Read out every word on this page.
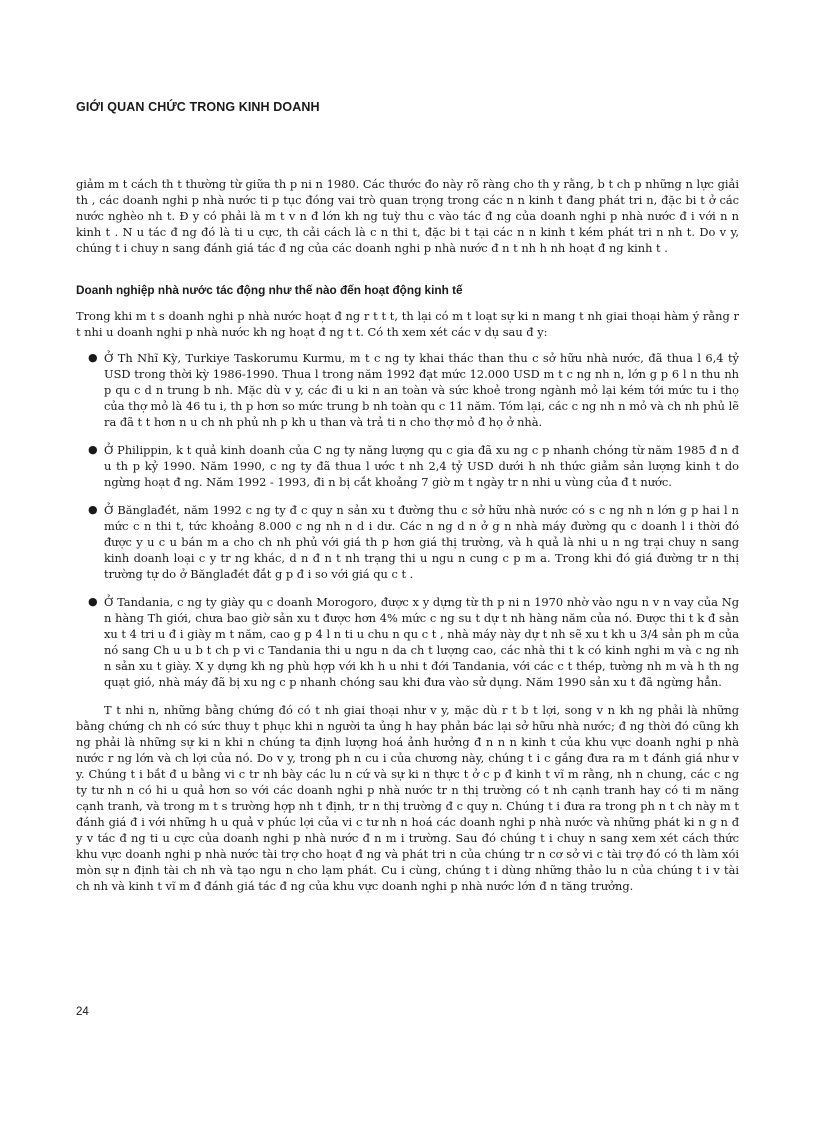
GIỚI QUAN CHỨC TRONG KINH DOANH

giảm m t cách th t thường từ giữa th p ni n 1980. Các thước đo này rõ ràng cho th y rằng, b t ch p những n lực giải th , các doanh nghi p nhà nước ti p tục đóng vai trò quan trọng trong các n n kinh t đang phát tri n, đặc bi t ở các nước nghèo nh t. Đ y có phải là m t v n đ lớn kh ng tuỳ thu c vào tác đ ng của doanh nghi p nhà nước đ i với n n kinh t . N u tác đ ng đó là ti u cực, th cải cách là c n thi t, đặc bi t tại các n n kinh t kém phát tri n nh t. Do v y, chúng t i chuy n sang đánh giá tác đ ng của các doanh nghi p nhà nước đ n t nh h nh hoạt đ ng kinh t .

Doanh nghiệp nhà nước tác động như thế nào đến hoạt động kinh tế

Trong khi m t s doanh nghi p nhà nước hoạt đ ng r t t t, th lại có m t loạt sự ki n mang t nh giai thoại hàm ý rằng r t nhi u doanh nghi p nhà nước kh ng hoạt đ ng t t. Có th xem xét các v dụ sau đ y:

● Ở Th Nhĩ Kỳ, Turkiye Taskorumu Kurmu, m t c ng ty khai thác than thu c sở hữu nhà nước, đã thua l 6,4 tỷ USD trong thời kỳ 1986-1990. Thua l trong năm 1992 đạt mức 12.000 USD m t c ng nh n, lớn g p 6 l n thu nh p qu c d n trung b nh. Mặc dù v y, các đi u ki n an toàn và sức khoẻ trong ngành mỏ lại kém tới mức tu i thọ của thợ mỏ là 46 tu i, th p hơn so mức trung b nh toàn qu c 11 năm. Tóm lại, các c ng nh n mỏ và ch nh phủ lẽ ra đã t t hơn n u ch nh phủ nh p kh u than và trả ti n cho thợ mỏ đ họ ở nhà.
● Ở Philippin, k t quả kinh doanh của C ng ty năng lượng qu c gia đã xu ng c p nhanh chóng từ năm 1985 đ n đ u th p kỷ 1990. Năm 1990, c ng ty đã thua l ước t nh 2,4 tỷ USD dưới h nh thức giảm sản lượng kinh t do ngừng hoạt đ ng. Năm 1992 - 1993, đi n bị cắt khoảng 7 giờ m t ngày tr n nhi u vùng của đ t nước.
● Ở Bănglađét, năm 1992 c ng ty đ c quy n sản xu t đường thu c sở hữu nhà nước có s c ng nh n lớn g p hai l n mức c n thi t, tức khoảng 8.000 c ng nh n d i dư. Các n ng d n ở g n nhà máy đường qu c doanh l i thời đó được y u c u bán m a cho ch nh phủ với giá th p hơn giá thị trường, và h quả là nhi u n ng trại chuy n sang kinh doanh loại c y tr ng khác, d n đ n t nh trạng thi u ngu n cung c p m a. Trong khi đó giá đường tr n thị trường tự do ở Bănglađét đắt g p đ i so với giá qu c t .
● Ở Tandania, c ng ty giày qu c doanh Morogoro, được x y dựng từ th p ni n 1970 nhờ vào ngu n v n vay của Ng n hàng Th giới, chưa bao giờ sản xu t được hơn 4% mức c ng su t dự t nh hàng năm của nó. Được thi t k đ sản xu t 4 tri u đ i giày m t năm, cao g p 4 l n ti u chu n qu c t , nhà máy này dự t nh sẽ xu t kh u 3/4 sản ph m của nó sang Ch u u b t ch p vi c Tandania thi u ngu n da ch t lượng cao, các nhà thi t k có kinh nghi m và c ng nh n sản xu t giày. X y dựng kh ng phù hợp với kh h u nhi t đới Tandania, với các c t thép, tường nh m và h th ng quạt gió, nhà máy đã bị xu ng c p nhanh chóng sau khi đưa vào sử dụng. Năm 1990 sản xu t đã ngừng hẳn.

T t nhi n, những bằng chứng đó có t nh giai thoại như v y, mặc dù r t b t lợi, song v n kh ng phải là những bằng chứng ch nh có sức thuy t phục khi n người ta ủng h hay phản bác lại sở hữu nhà nước; đ ng thời đó cũng kh ng phải là những sự ki n khi n chúng ta định lượng hoá ảnh hưởng đ n n n kinh t của khu vực doanh nghi p nhà nước r ng lớn và ch lợi của nó. Do v y, trong ph n cu i của chương này, chúng t i c gắng đưa ra m t đánh giá như v y. Chúng t i bắt đ u bằng vi c tr nh bày các lu n cứ và sự ki n thực t ở c p đ kinh t vĩ m rằng, nh n chung, các c ng ty tư nh n có hi u quả hơn so với các doanh nghi p nhà nước tr n thị trường có t nh cạnh tranh hay có ti m năng cạnh tranh, và trong m t s trường hợp nh t định, tr n thị trường đ c quy n. Chúng t i đưa ra trong ph n t ch này m t đánh giá đ i với những h u quả v phúc lợi của vi c tư nh n hoá các doanh nghi p nhà nước và những phát ki n g n đ y v tác đ ng ti u cực của doanh nghi p nhà nước đ n m i trường. Sau đó chúng t i chuy n sang xem xét cách thức khu vực doanh nghi p nhà nước tài trợ cho hoạt đ ng và phát tri n của chúng tr n cơ sở vi c tài trợ đó có th làm xói mòn sự n định tài ch nh và tạo ngu n cho lạm phát. Cu i cùng, chúng t i dùng những thảo lu n của chúng t i v tài ch nh và kinh t vĩ m đ đánh giá tác đ ng của khu vực doanh nghi p nhà nước lớn đ n tăng trưởng.

24
